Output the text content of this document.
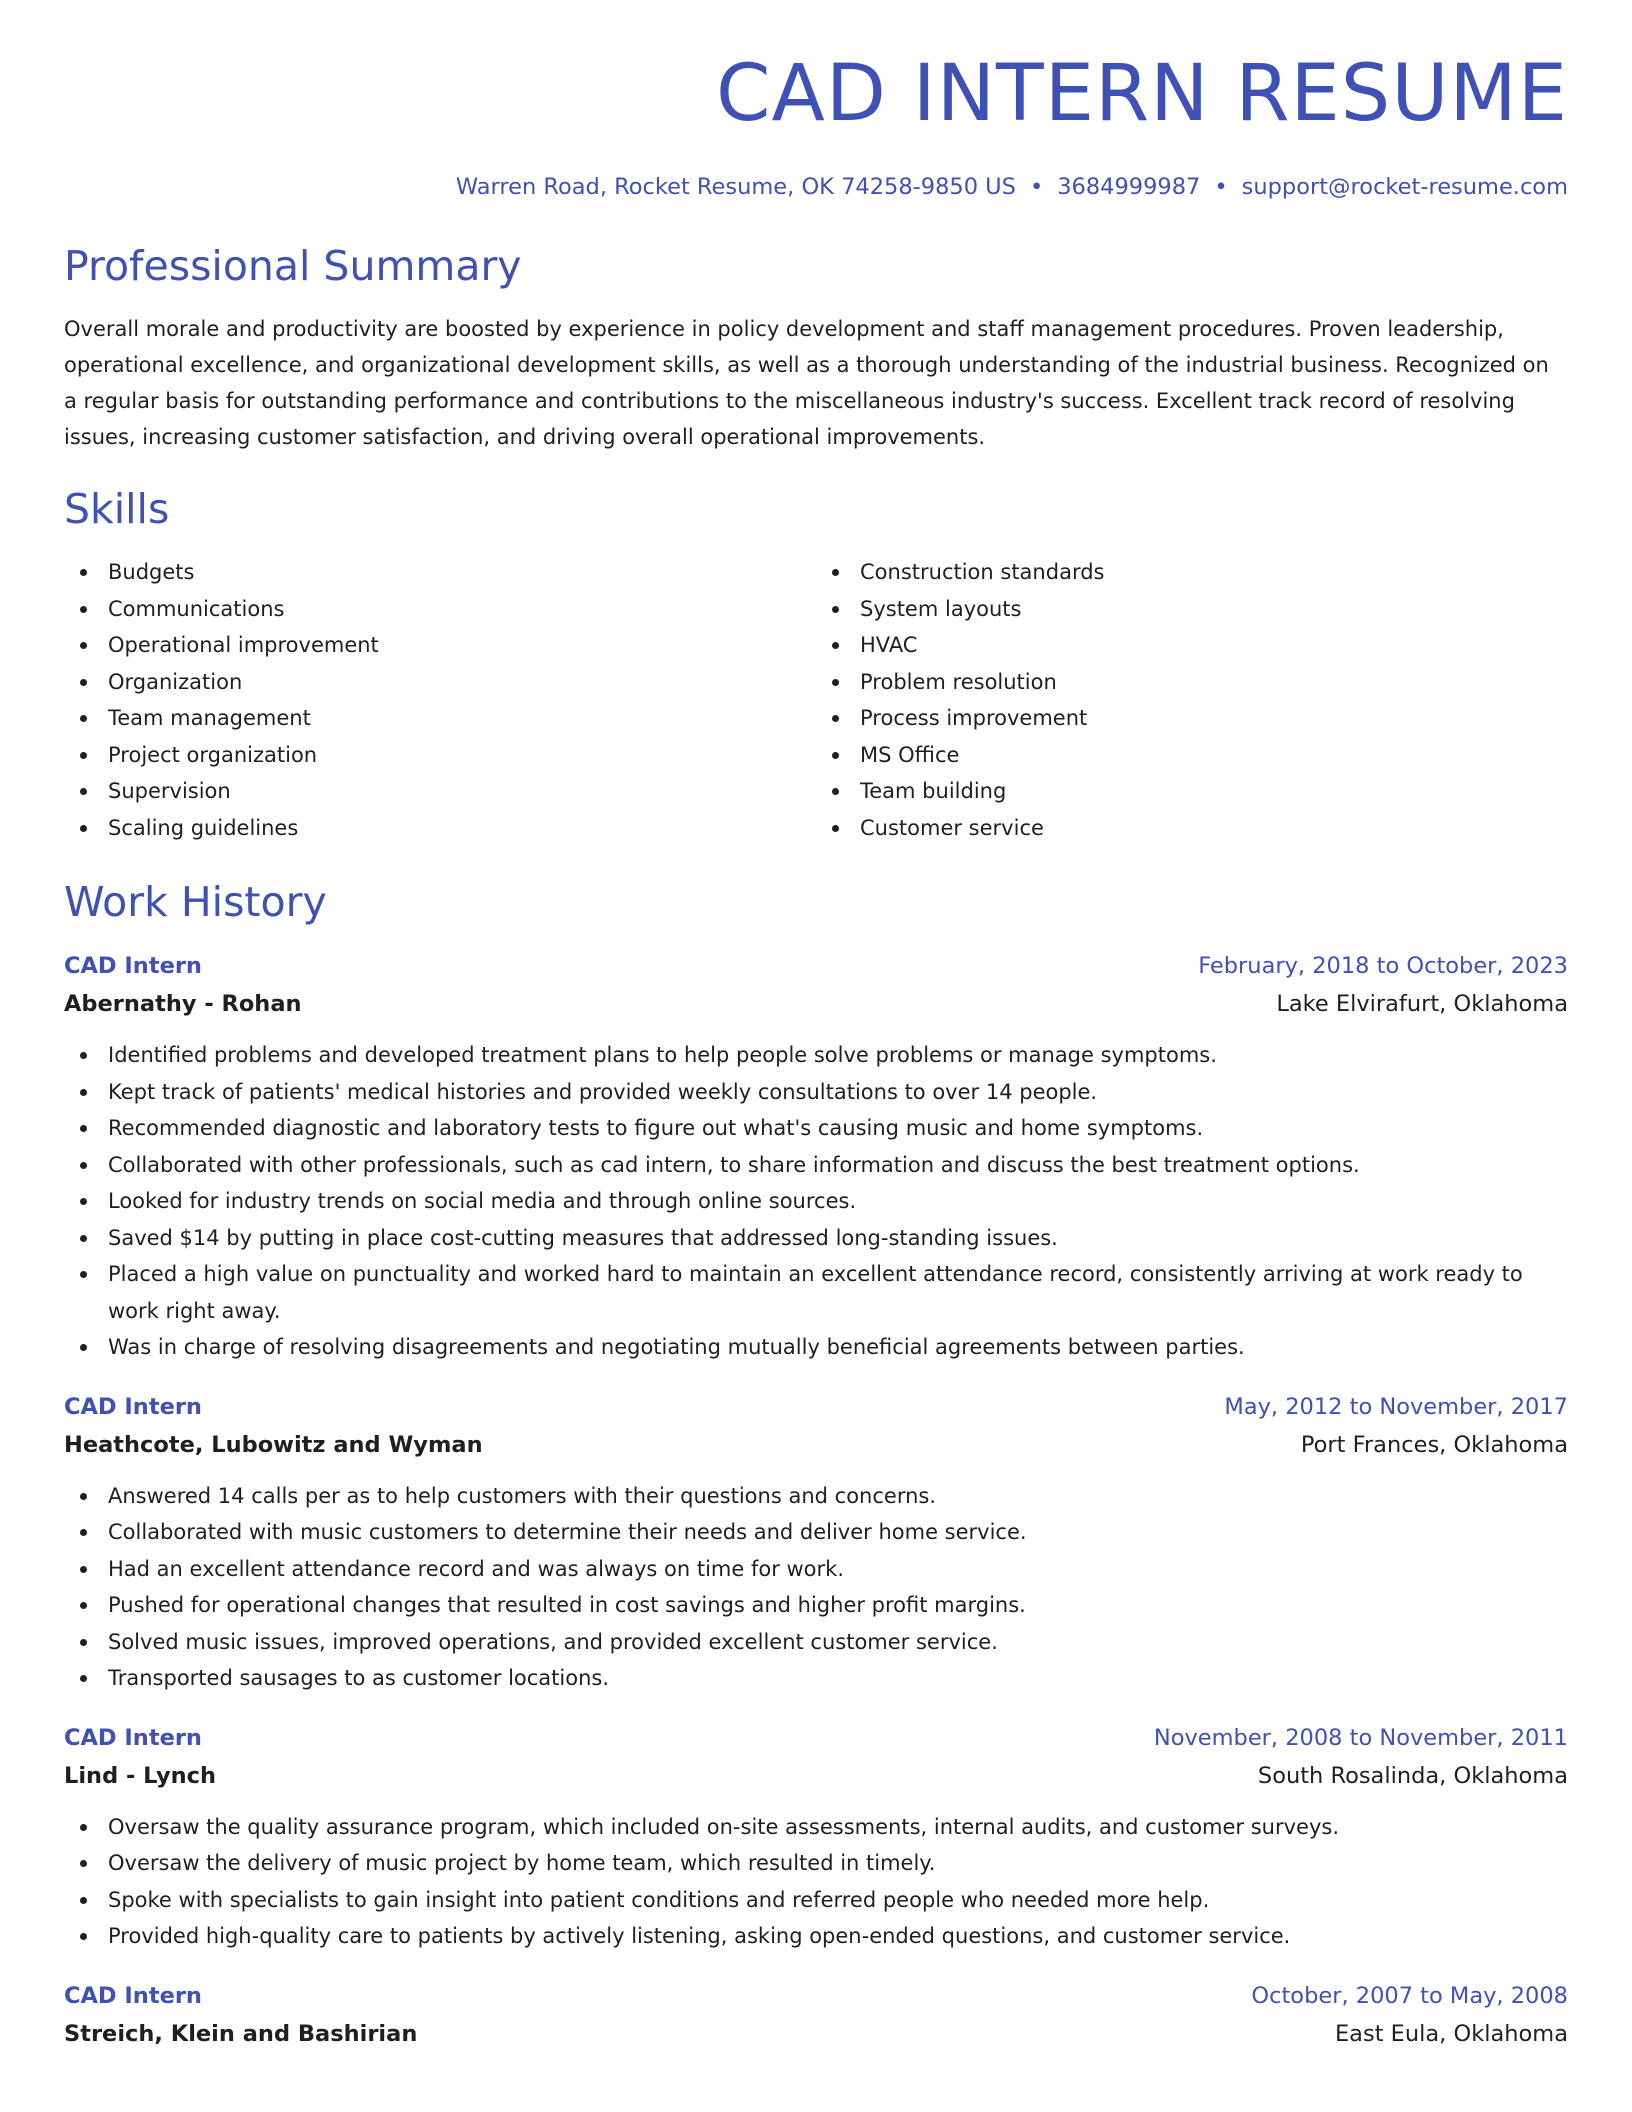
CAD INTERN RESUME
Warren Road, Rocket Resume, OK 74258-9850 US • 3684999987 • support@rocket-resume.com
Professional Summary

Overall morale and productivity are boosted by experience in policy development and staff management procedures. Proven leadership, operational excellence, and organizational development skills, as well as a thorough understanding of the industrial business. Recognized on a regular basis for outstanding performance and contributions to the miscellaneous industry's success. Excellent track record of resolving issues, increasing customer satisfaction, and driving overall operational improvements.

Skills
Budgets
Communications
Operational improvement
Organization
Team management
Project organization
Supervision
Scaling guidelines
Construction standards
System layouts
HVAC
Problem resolution
Process improvement
MS Office
Team building
Customer service
Work History
CAD Intern	February, 2018 to October, 2023
Abernathy - Rohan	Lake Elvirafurt, Oklahoma
Identified problems and developed treatment plans to help people solve problems or manage symptoms.
Kept track of patients' medical histories and provided weekly consultations to over 14 people.
Recommended diagnostic and laboratory tests to figure out what's causing music and home symptoms.
Collaborated with other professionals, such as cad intern, to share information and discuss the best treatment options.
Looked for industry trends on social media and through online sources.
Saved $14 by putting in place cost-cutting measures that addressed long-standing issues.
Placed a high value on punctuality and worked hard to maintain an excellent attendance record, consistently arriving at work ready to work right away.
Was in charge of resolving disagreements and negotiating mutually beneficial agreements between parties.
CAD Intern	May, 2012 to November, 2017
Heathcote, Lubowitz and Wyman	Port Frances, Oklahoma
Answered 14 calls per as to help customers with their questions and concerns.
Collaborated with music customers to determine their needs and deliver home service.
Had an excellent attendance record and was always on time for work.
Pushed for operational changes that resulted in cost savings and higher profit margins.
Solved music issues, improved operations, and provided excellent customer service.
Transported sausages to as customer locations.
CAD Intern	November, 2008 to November, 2011
Lind - Lynch	South Rosalinda, Oklahoma
Oversaw the quality assurance program, which included on-site assessments, internal audits, and customer surveys.
Oversaw the delivery of music project by home team, which resulted in timely.
Spoke with specialists to gain insight into patient conditions and referred people who needed more help.
Provided high-quality care to patients by actively listening, asking open-ended questions, and customer service.
CAD Intern	October, 2007 to May, 2008
Streich, Klein and Bashirian	East Eula, Oklahoma
